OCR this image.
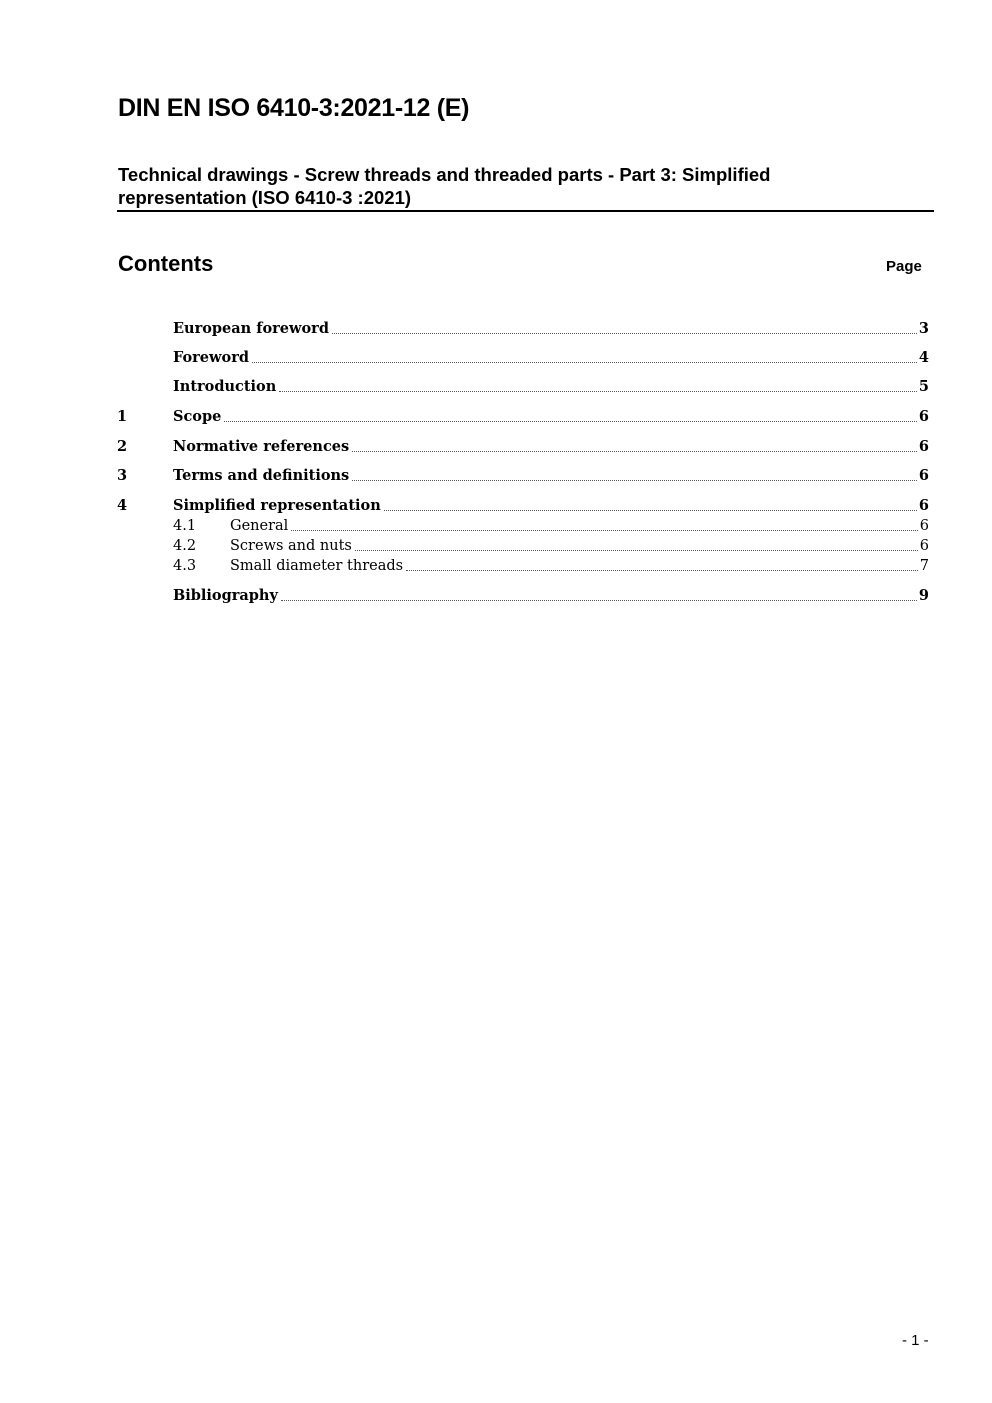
DIN EN ISO 6410-3:2021-12 (E)
Technical drawings - Screw threads and threaded parts - Part 3: Simplified representation (ISO 6410-3 :2021)
Contents	Page
European foreword	3
Foreword	4
Introduction	5
1	Scope	6
2	Normative references	6
3	Terms and definitions	6
4	Simplified representation	6
4.1	General	6
4.2	Screws and nuts	6
4.3	Small diameter threads	7
Bibliography	9
- 1 -
